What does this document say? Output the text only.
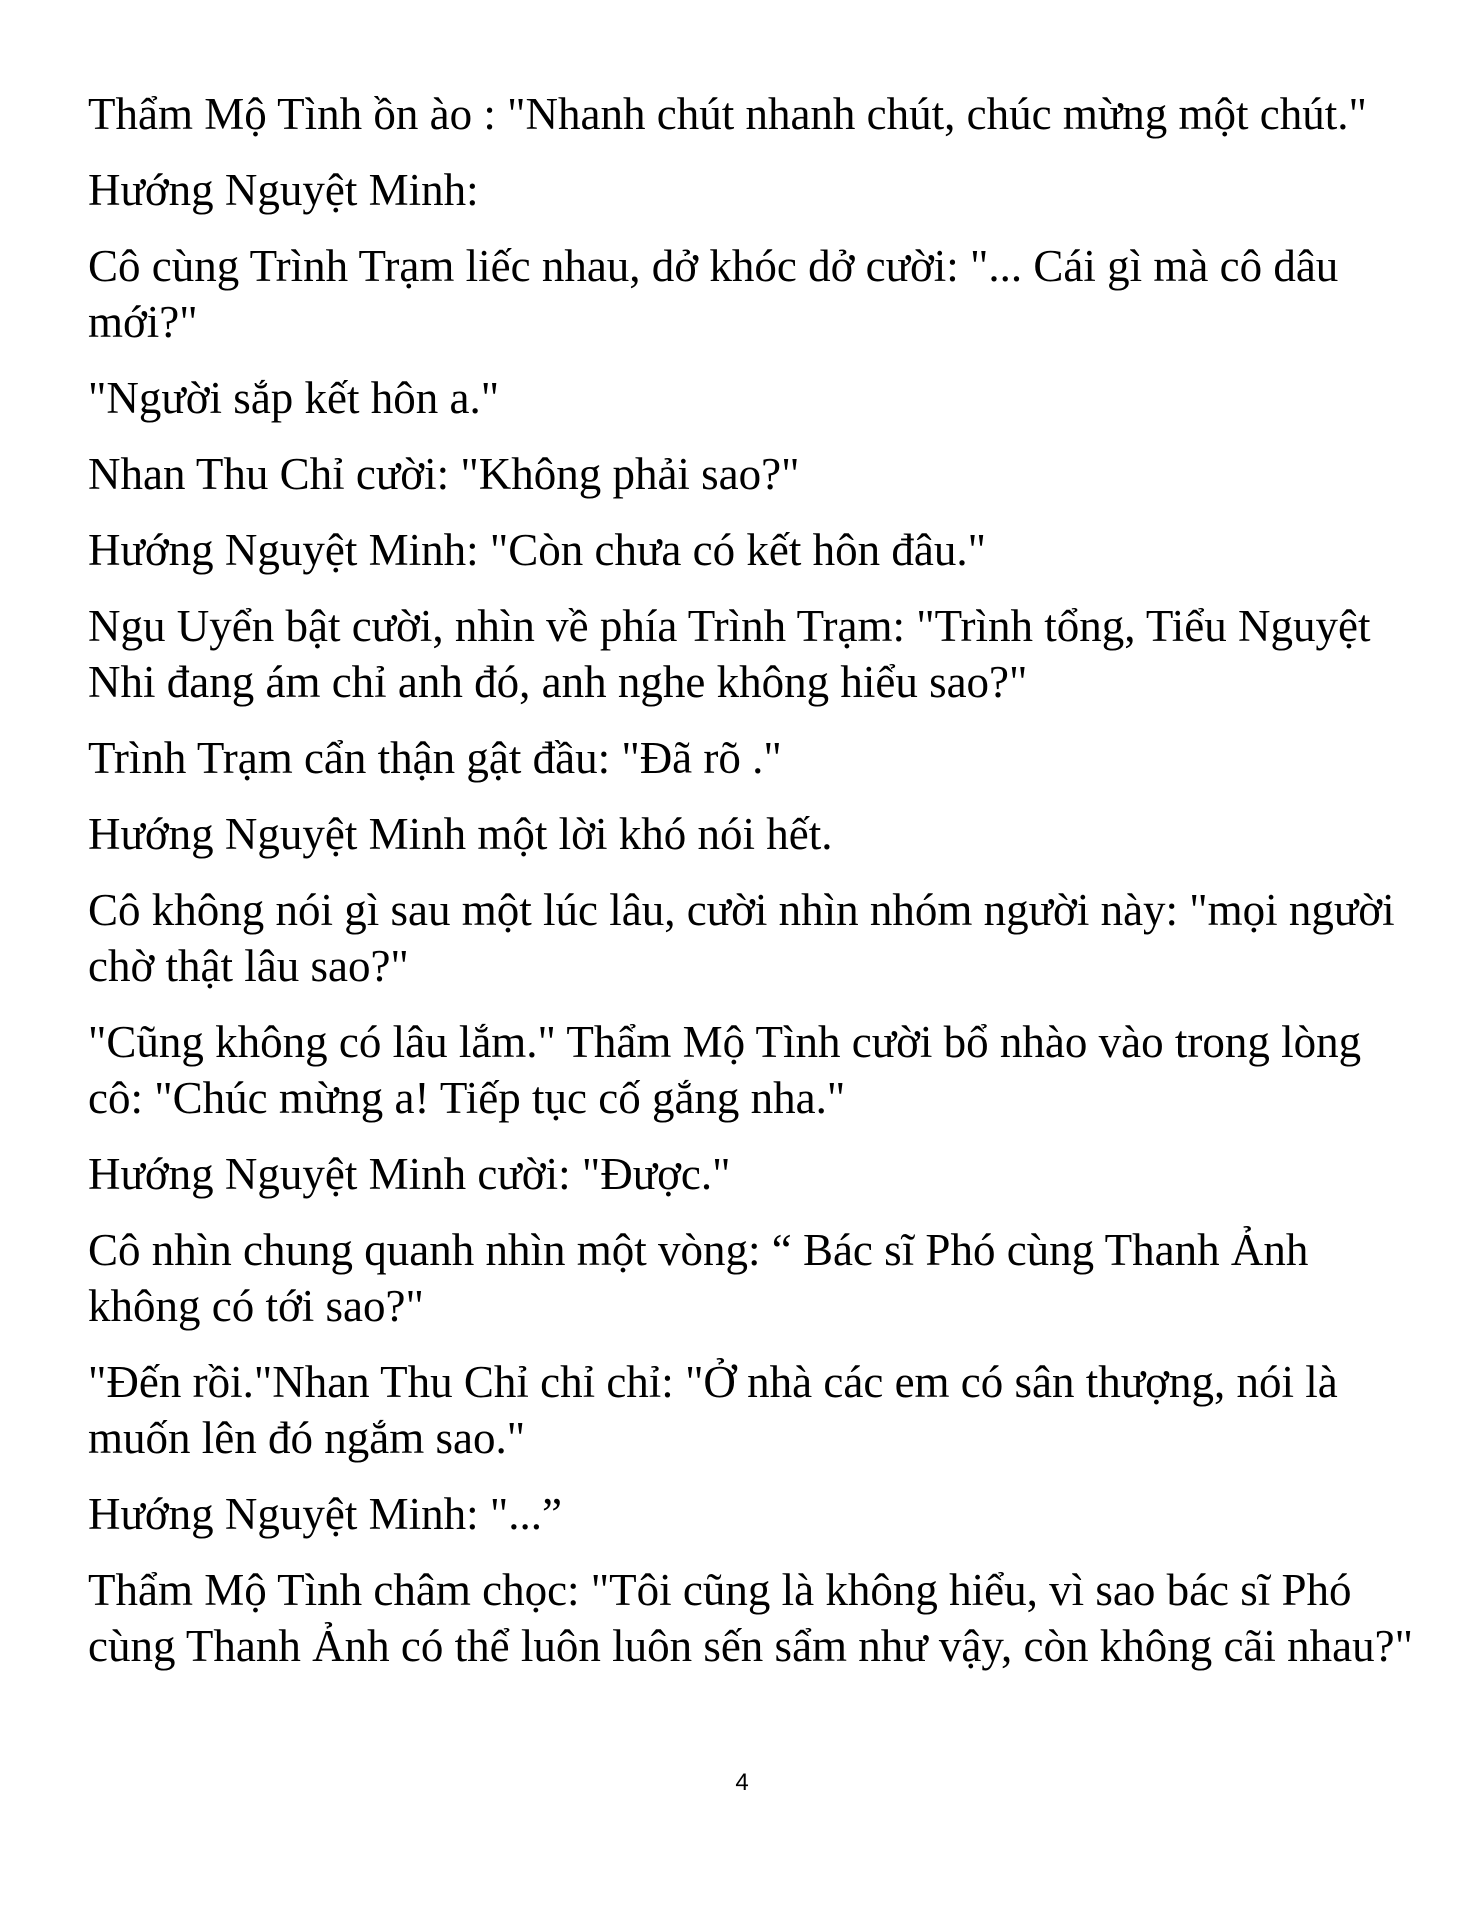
Thẩm Mộ Tình ồn ào : "Nhanh chút nhanh chút, chúc mừng một chút."

Hướng Nguyệt Minh:

Cô cùng Trình Trạm liếc nhau, dở khóc dở cười: "... Cái gì mà cô dâu mới?"

"Người sắp kết hôn a."

Nhan Thu Chỉ cười: "Không phải sao?"

Hướng Nguyệt Minh: "Còn chưa có kết hôn đâu."

Ngu Uyển bật cười, nhìn về phía Trình Trạm: "Trình tổng, Tiểu Nguyệt Nhi đang ám chỉ anh đó, anh nghe không hiểu sao?"

Trình Trạm cẩn thận gật đầu: "Đã rõ ."

Hướng Nguyệt Minh một lời khó nói hết.

Cô không nói gì sau một lúc lâu, cười nhìn nhóm người này: "mọi người chờ thật lâu sao?"

"Cũng không có lâu lắm." Thẩm Mộ Tình cười bổ nhào vào trong lòng cô: "Chúc mừng a! Tiếp tục cố gắng nha."

Hướng Nguyệt Minh cười: "Được."

Cô nhìn chung quanh nhìn một vòng: “ Bác sĩ Phó cùng Thanh Ảnh không có tới sao?"

"Đến rồi."Nhan Thu Chỉ chỉ chỉ: "Ở nhà các em có sân thượng, nói là muốn lên đó ngắm sao."

Hướng Nguyệt Minh: "...”

Thẩm Mộ Tình châm chọc: "Tôi cũng là không hiểu, vì sao bác sĩ Phó cùng Thanh Ảnh có thể luôn luôn sến sẩm như vậy, còn không cãi nhau?"

4
